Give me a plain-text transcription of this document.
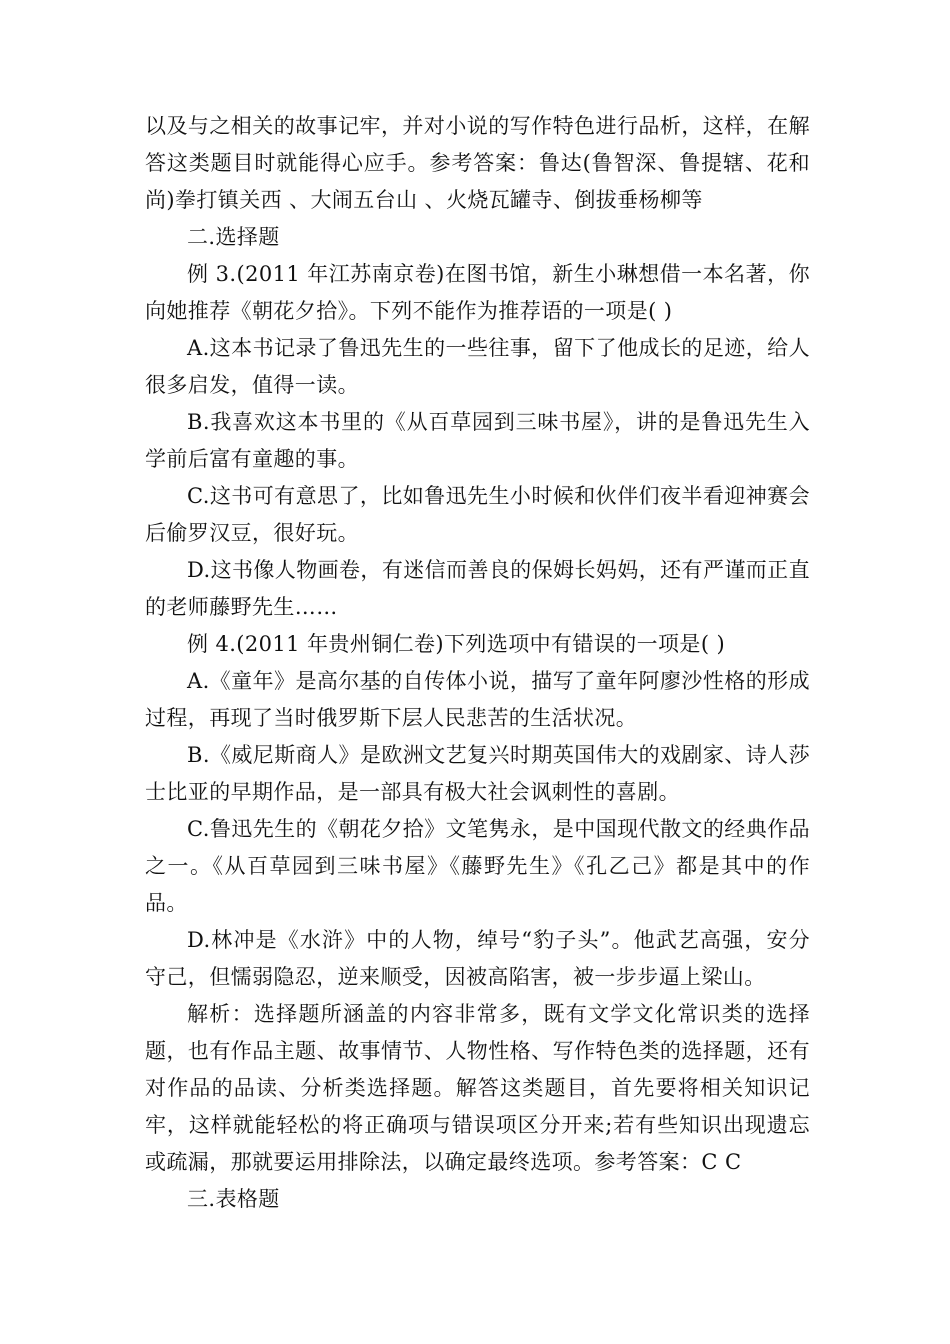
以及与之相关的故事记牢，并对小说的写作特色进行品析，这样，在解答这类题目时就能得心应手。参考答案：鲁达(鲁智深、鲁提辖、花和尚)拳打镇关西 、大闹五台山 、火烧瓦罐寺、倒拔垂杨柳等

二.选择题

例 3.(2011 年江苏南京卷)在图书馆，新生小琳想借一本名著，你向她推荐《朝花夕拾》。下列不能作为推荐语的一项是( )

A.这本书记录了鲁迅先生的一些往事，留下了他成长的足迹，给人很多启发，值得一读。

B.我喜欢这本书里的《从百草园到三味书屋》，讲的是鲁迅先生入学前后富有童趣的事。

C.这书可有意思了，比如鲁迅先生小时候和伙伴们夜半看迎神赛会后偷罗汉豆，很好玩。

D.这书像人物画卷，有迷信而善良的保姆长妈妈，还有严谨而正直的老师藤野先生……

例 4.(2011 年贵州铜仁卷)下列选项中有错误的一项是( )

A.《童年》是高尔基的自传体小说，描写了童年阿廖沙性格的形成过程，再现了当时俄罗斯下层人民悲苦的生活状况。

B.《威尼斯商人》是欧洲文艺复兴时期英国伟大的戏剧家、诗人莎士比亚的早期作品，是一部具有极大社会讽刺性的喜剧。

C.鲁迅先生的《朝花夕拾》文笔隽永，是中国现代散文的经典作品之一。《从百草园到三味书屋》《藤野先生》《孔乙己》都是其中的作品。

D.林冲是《水浒》中的人物，绰号“豹子头”。他武艺高强，安分守己，但懦弱隐忍，逆来顺受，因被高陷害，被一步步逼上梁山。

解析：选择题所涵盖的内容非常多，既有文学文化常识类的选择题，也有作品主题、故事情节、人物性格、写作特色类的选择题，还有对作品的品读、分析类选择题。解答这类题目，首先要将相关知识记牢，这样就能轻松的将正确项与错误项区分开来;若有些知识出现遗忘或疏漏，那就要运用排除法，以确定最终选项。参考答案：C C

三.表格题
